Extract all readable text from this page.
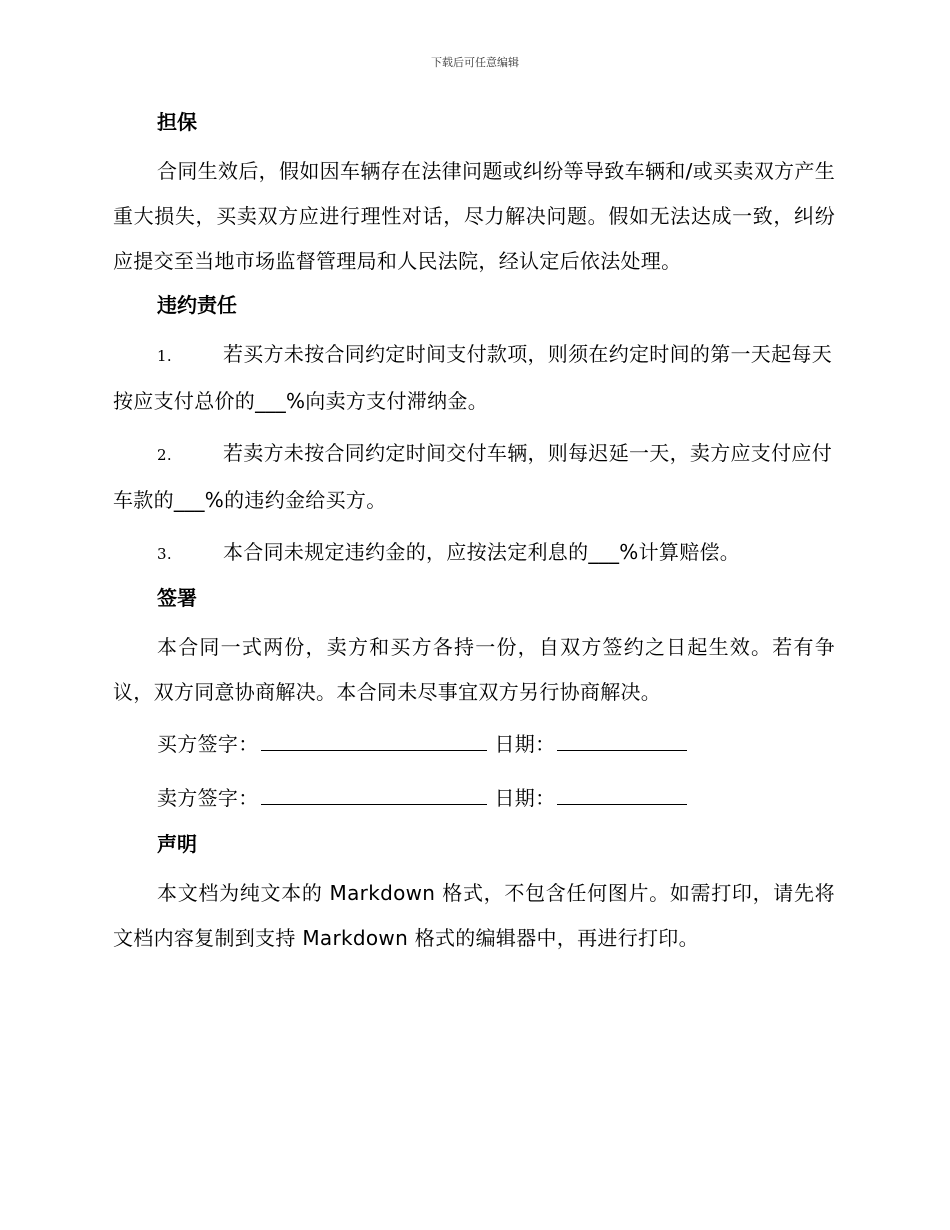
下载后可任意编辑
担保

合同生效后，假如因车辆存在法律问题或纠纷等导致车辆和/或买卖双方产生重大损失，买卖双方应进行理性对话，尽力解决问题。假如无法达成一致，纠纷应提交至当地市场监督管理局和人民法院，经认定后依法处理。

违约责任

1.	若买方未按合同约定时间支付款项，则须在约定时间的第一天起每天按应支付总价的___%向卖方支付滞纳金。

2.	若卖方未按合同约定时间交付车辆，则每迟延一天，卖方应支付应付车款的___%的违约金给买方。

3.	本合同未规定违约金的，应按法定利息的___%计算赔偿。

签署

本合同一式两份，卖方和买方各持一份，自双方签约之日起生效。若有争议，双方同意协商解决。本合同未尽事宜双方另行协商解决。

买方签字：	日期：
卖方签字：	日期：
声明

本文档为纯文本的 Markdown 格式，不包含任何图片。如需打印，请先将文档内容复制到支持 Markdown 格式的编辑器中，再进行打印。
